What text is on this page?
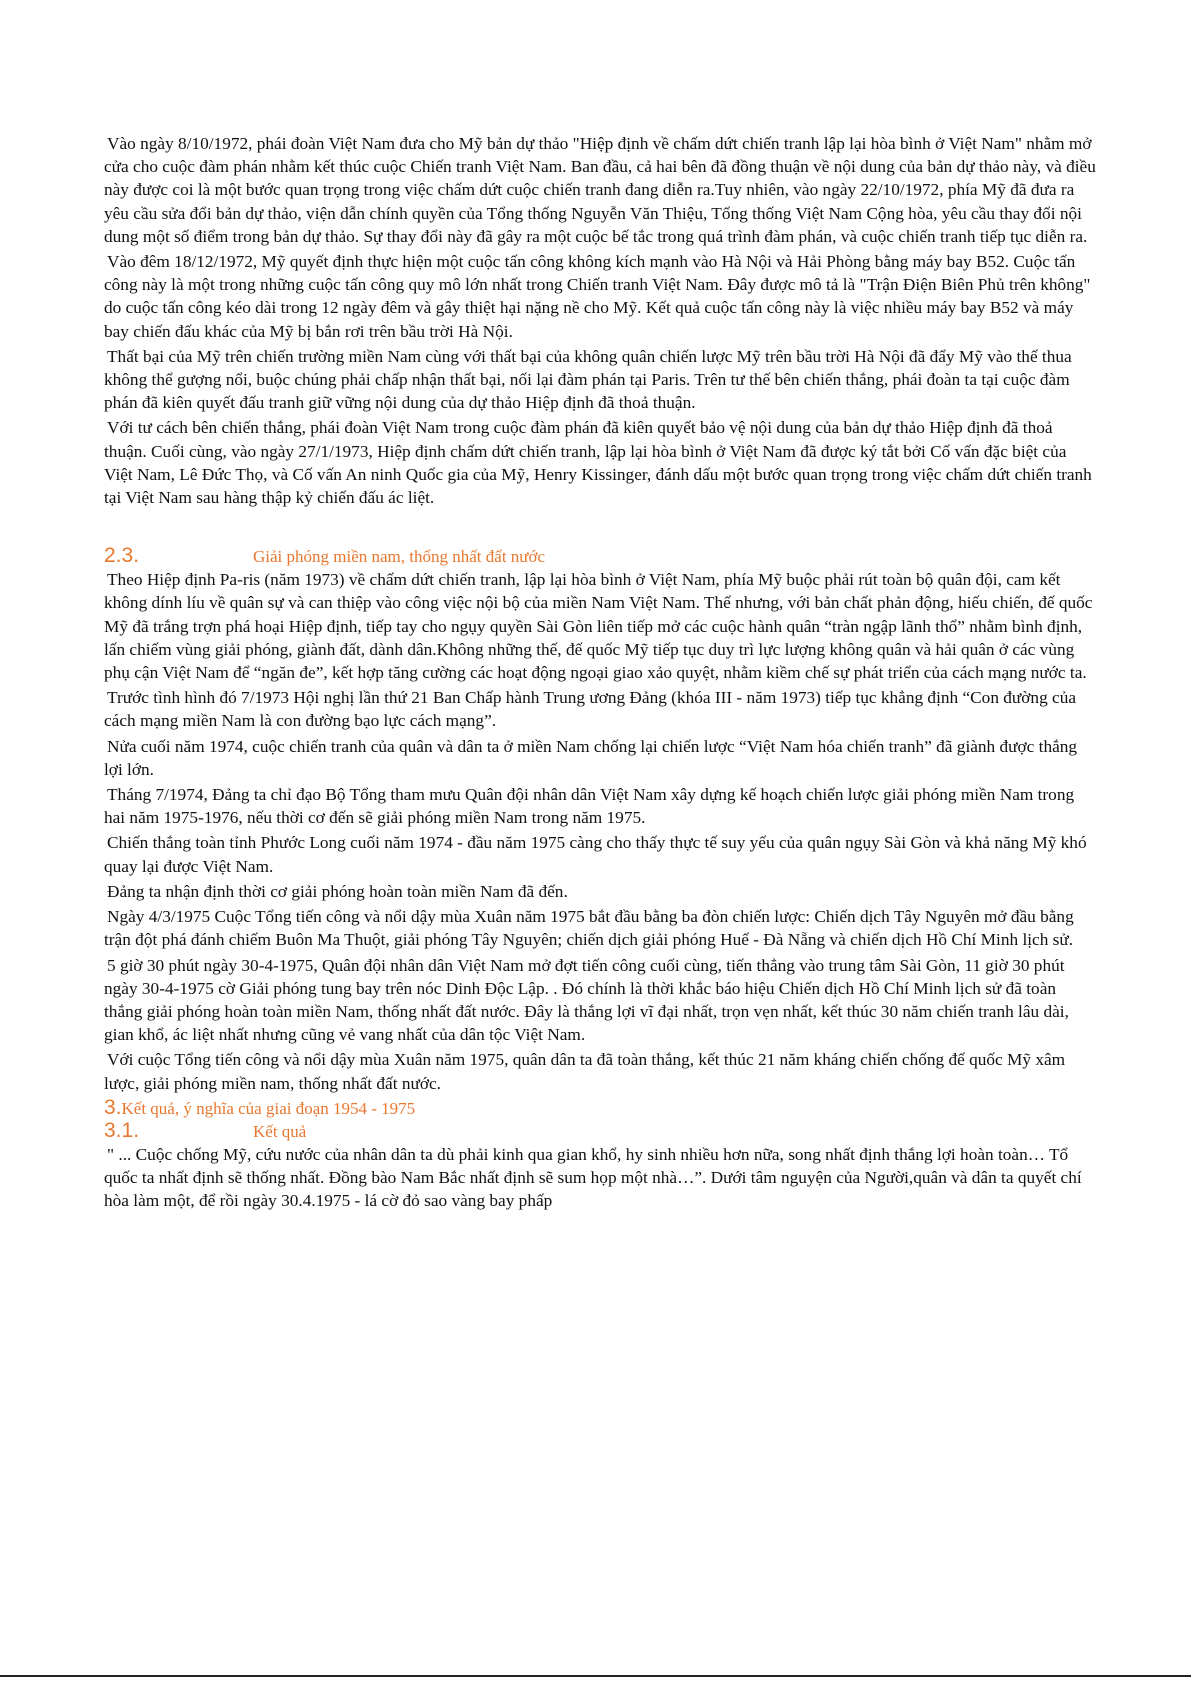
Vào ngày 8/10/1972, phái đoàn Việt Nam đưa cho Mỹ bản dự thảo "Hiệp định về chấm dứt chiến tranh lập lại hòa bình ở Việt Nam" nhằm mở cửa cho cuộc đàm phán nhằm kết thúc cuộc Chiến tranh Việt Nam. Ban đầu, cả hai bên đã đồng thuận về nội dung của bản dự thảo này, và điều này được coi là một bước quan trọng trong việc chấm dứt cuộc chiến tranh đang diễn ra.Tuy nhiên, vào ngày 22/10/1972, phía Mỹ đã đưa ra yêu cầu sửa đổi bản dự thảo, viện dẫn chính quyền của Tổng thống Nguyễn Văn Thiệu, Tổng thống Việt Nam Cộng hòa, yêu cầu thay đổi nội dung một số điểm trong bản dự thảo. Sự thay đổi này đã gây ra một cuộc bế tắc trong quá trình đàm phán, và cuộc chiến tranh tiếp tục diễn ra.

Vào đêm 18/12/1972, Mỹ quyết định thực hiện một cuộc tấn công không kích mạnh vào Hà Nội và Hải Phòng bằng máy bay B52. Cuộc tấn công này là một trong những cuộc tấn công quy mô lớn nhất trong Chiến tranh Việt Nam. Đây được mô tả là "Trận Điện Biên Phủ trên không" do cuộc tấn công kéo dài trong 12 ngày đêm và gây thiệt hại nặng nề cho Mỹ. Kết quả cuộc tấn công này là việc nhiều máy bay B52 và máy bay chiến đấu khác của Mỹ bị bắn rơi trên bầu trời Hà Nội.

Thất bại của Mỹ trên chiến trường miền Nam cùng với thất bại của không quân chiến lược Mỹ trên bầu trời Hà Nội đã đẩy Mỹ vào thế thua không thể gượng nổi, buộc chúng phải chấp nhận thất bại, nối lại đàm phán tại Paris. Trên tư thế bên chiến thắng, phái đoàn ta tại cuộc đàm phán đã kiên quyết đấu tranh giữ vững nội dung của dự thảo Hiệp định đã thoả thuận.

Với tư cách bên chiến thắng, phái đoàn Việt Nam trong cuộc đàm phán đã kiên quyết bảo vệ nội dung của bản dự thảo Hiệp định đã thoả thuận. Cuối cùng, vào ngày 27/1/1973, Hiệp định chấm dứt chiến tranh, lập lại hòa bình ở Việt Nam đã được ký tắt bởi Cố vấn đặc biệt của Việt Nam, Lê Đức Thọ, và Cố vấn An ninh Quốc gia của Mỹ, Henry Kissinger, đánh dấu một bước quan trọng trong việc chấm dứt chiến tranh tại Việt Nam sau hàng thập kỷ chiến đấu ác liệt.

2.3.	Giải phóng miền nam, thống nhất đất nước

Theo Hiệp định Pa-ris (năm 1973) về chấm dứt chiến tranh, lập lại hòa bình ở Việt Nam, phía Mỹ buộc phải rút toàn bộ quân đội, cam kết không dính líu về quân sự và can thiệp vào công việc nội bộ của miền Nam Việt Nam. Thế nhưng, với bản chất phản động, hiếu chiến, đế quốc Mỹ đã trắng trợn phá hoại Hiệp định, tiếp tay cho ngụy quyền Sài Gòn liên tiếp mở các cuộc hành quân “tràn ngập lãnh thổ” nhằm bình định, lấn chiếm vùng giải phóng, giành đất, dành dân.Không những thế, đế quốc Mỹ tiếp tục duy trì lực lượng không quân và hải quân ở các vùng phụ cận Việt Nam để “ngăn đe”, kết hợp tăng cường các hoạt động ngoại giao xảo quyệt, nhằm kiềm chế sự phát triển của cách mạng nước ta.

Trước tình hình đó 7/1973 Hội nghị lần thứ 21 Ban Chấp hành Trung ương Đảng (khóa III - năm 1973) tiếp tục khẳng định “Con đường của cách mạng miền Nam là con đường bạo lực cách mạng”.

Nửa cuối năm 1974, cuộc chiến tranh của quân và dân ta ở miền Nam chống lại chiến lược “Việt Nam hóa chiến tranh” đã giành được thắng lợi lớn.

Tháng 7/1974, Đảng ta chỉ đạo Bộ Tổng tham mưu Quân đội nhân dân Việt Nam xây dựng kế hoạch chiến lược giải phóng miền Nam trong hai năm 1975-1976, nếu thời cơ đến sẽ giải phóng miền Nam trong năm 1975.

Chiến thắng toàn tỉnh Phước Long cuối năm 1974 - đầu năm 1975 càng cho thấy thực tế suy yếu của quân ngụy Sài Gòn và khả năng Mỹ khó quay lại được Việt Nam.

Đảng ta nhận định thời cơ giải phóng hoàn toàn miền Nam đã đến.

Ngày 4/3/1975 Cuộc Tổng tiến công và nổi dậy mùa Xuân năm 1975 bắt đầu bằng ba đòn chiến lược: Chiến dịch Tây Nguyên mở đầu bằng trận đột phá đánh chiếm Buôn Ma Thuột, giải phóng Tây Nguyên; chiến dịch giải phóng Huế - Đà Nẵng và chiến dịch Hồ Chí Minh lịch sử.

5 giờ 30 phút ngày 30-4-1975, Quân đội nhân dân Việt Nam mở đợt tiến công cuối cùng, tiến thẳng vào trung tâm Sài Gòn, 11 giờ 30 phút ngày 30-4-1975 cờ Giải phóng tung bay trên nóc Dinh Độc Lập. . Đó chính là thời khắc báo hiệu Chiến dịch Hồ Chí Minh lịch sử đã toàn thắng giải phóng hoàn toàn miền Nam, thống nhất đất nước. Đây là thắng lợi vĩ đại nhất, trọn vẹn nhất, kết thúc 30 năm chiến tranh lâu dài, gian khổ, ác liệt nhất nhưng cũng vẻ vang nhất của dân tộc Việt Nam.

Với cuộc Tổng tiến công và nổi dậy mùa Xuân năm 1975, quân dân ta đã toàn thắng, kết thúc 21 năm kháng chiến chống đế quốc Mỹ xâm lược, giải phóng miền nam, thống nhất đất nước.

3. Kết quả, ý nghĩa của giai đoạn 1954 - 1975
3.1.	Kết quả

" ... Cuộc chống Mỹ, cứu nước của nhân dân ta dù phải kinh qua gian khổ, hy sinh nhiều hơn nữa, song nhất định thắng lợi hoàn toàn… Tổ quốc ta nhất định sẽ thống nhất. Đồng bào Nam Bắc nhất định sẽ sum họp một nhà…”. Dưới tâm nguyện của Người,quân và dân ta quyết chí hòa làm một, để rồi ngày 30.4.1975 - lá cờ đỏ sao vàng bay phấp
